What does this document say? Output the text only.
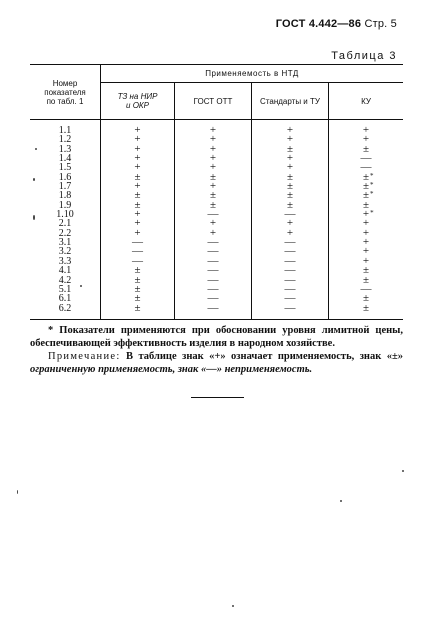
ГОСТ 4.442—86 Стр. 5
Таблица 3
Номер
показателя
по табл. 1	Применяемость в НТД			

	ТЗ на НИР
и ОКР	ГОСТ ОТТ	Стандарты и ТУ	КУ

1.1	+	+	+	+
1.2	+	+	+	+
1.3	+	+	±	±
1.4	+	+	+	—
1.5	+	+	+	—
1.6	±	±	±	± *

1.7	+	+	±	± *

1.8	±	±	±	± *

1.9	±	±	±	±
1.10	+	—	—	+ *

2.1	+	+	+	+
2.2	+	+	+	+
3.1	—	—	—	+
3.2	—	—	—	+
3.3	—	—	—	+
4.1	±	—	—	±
4.2	±	—	—	±
5.1	±	—	—	—
6.1	±	—	—	±
6.2	±	—	—	±
* Показатели применяются при обосновании уровня лимитной цены, обеспечивающей эффективность изделия в народном хозяйстве.
Примечание: В таблице знак «+» означает применяемость, знак «±» ограниченную применяемость, знак «—» неприменяемость.
